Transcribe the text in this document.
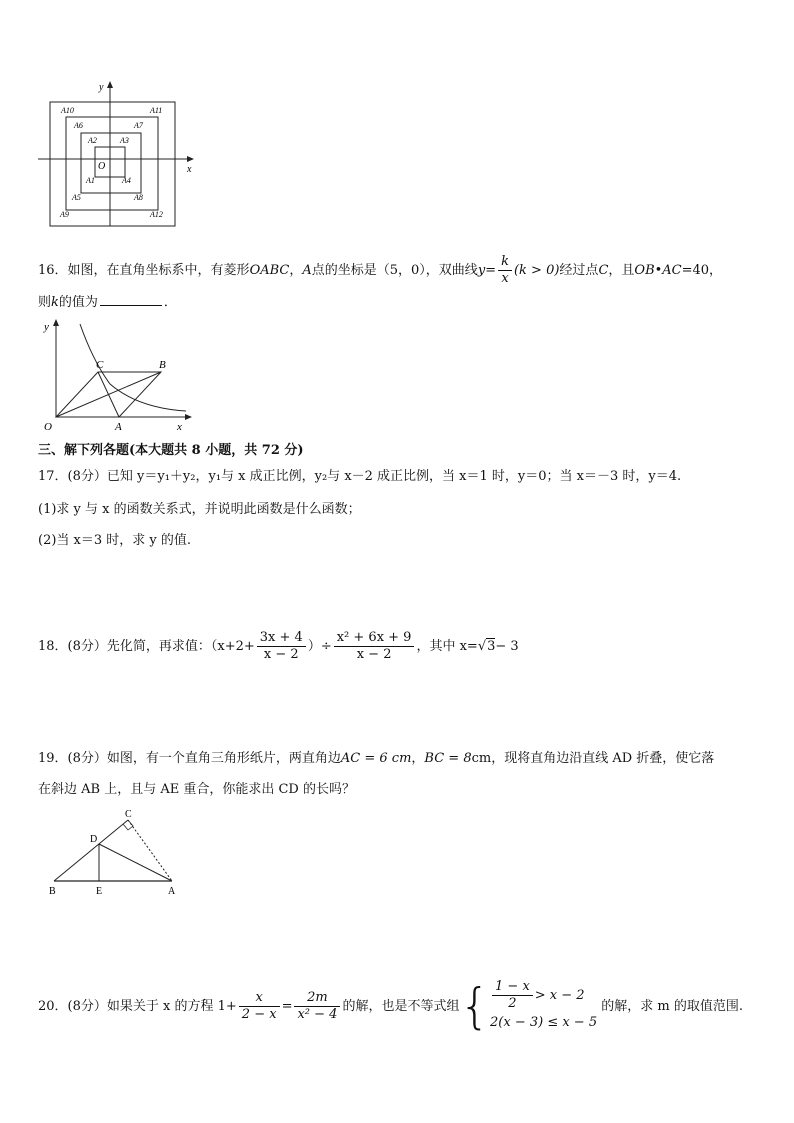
x
y
O
A1
A2	A3
A4
A5
A6	A7
A8
A9
A10	A11
A12
16．如图，在直角坐标系中，有菱形OABC，A点的坐标是（5，0），双曲线$y= \frac{k}{x} (k > 0)$经过点C，且OB•AC=40，
则k的值为	．
y
x
O	A
B
C
三、解下列各题(本大题共 8 小题，共 72 分)
17．(8分）已知 y＝y₁＋y₂，y₁与 x 成正比例，y₂与 x－2 成正比例，当 x＝1 时，y＝0；当 x＝－3 时，y＝4.
(1)求 y 与 x 的函数关系式，并说明此函数是什么函数；
(2)当 x＝3 时，求 y 的值.
18．(8分）先化简，再求值：（$x+2+ \frac{3x + 4}{x - 2}$ ）÷ $\frac{\text{x² + 6x + 9}}{x - 2}$ ，其中 x=√3− 3
19．(8分）如图，有一个直角三角形纸片，两直角边AC = 6 cm，BC = 8cm，现将直角边沿直线 AD 折叠，使它落
在斜边 AB 上，且与 AE 重合，你能求出 CD 的长吗？
A
B
C
D
E
20．(8分）如果关于 x 的方程 $1+ \frac{x}{2 - x} = \frac{2m}{\text{x² − 4}}$ 的解，也是不等式组{ $\frac{1 - x}{2} > x - 2$
2(x − 3) ≤ x − 5
的解，求 m 的取值范围.
